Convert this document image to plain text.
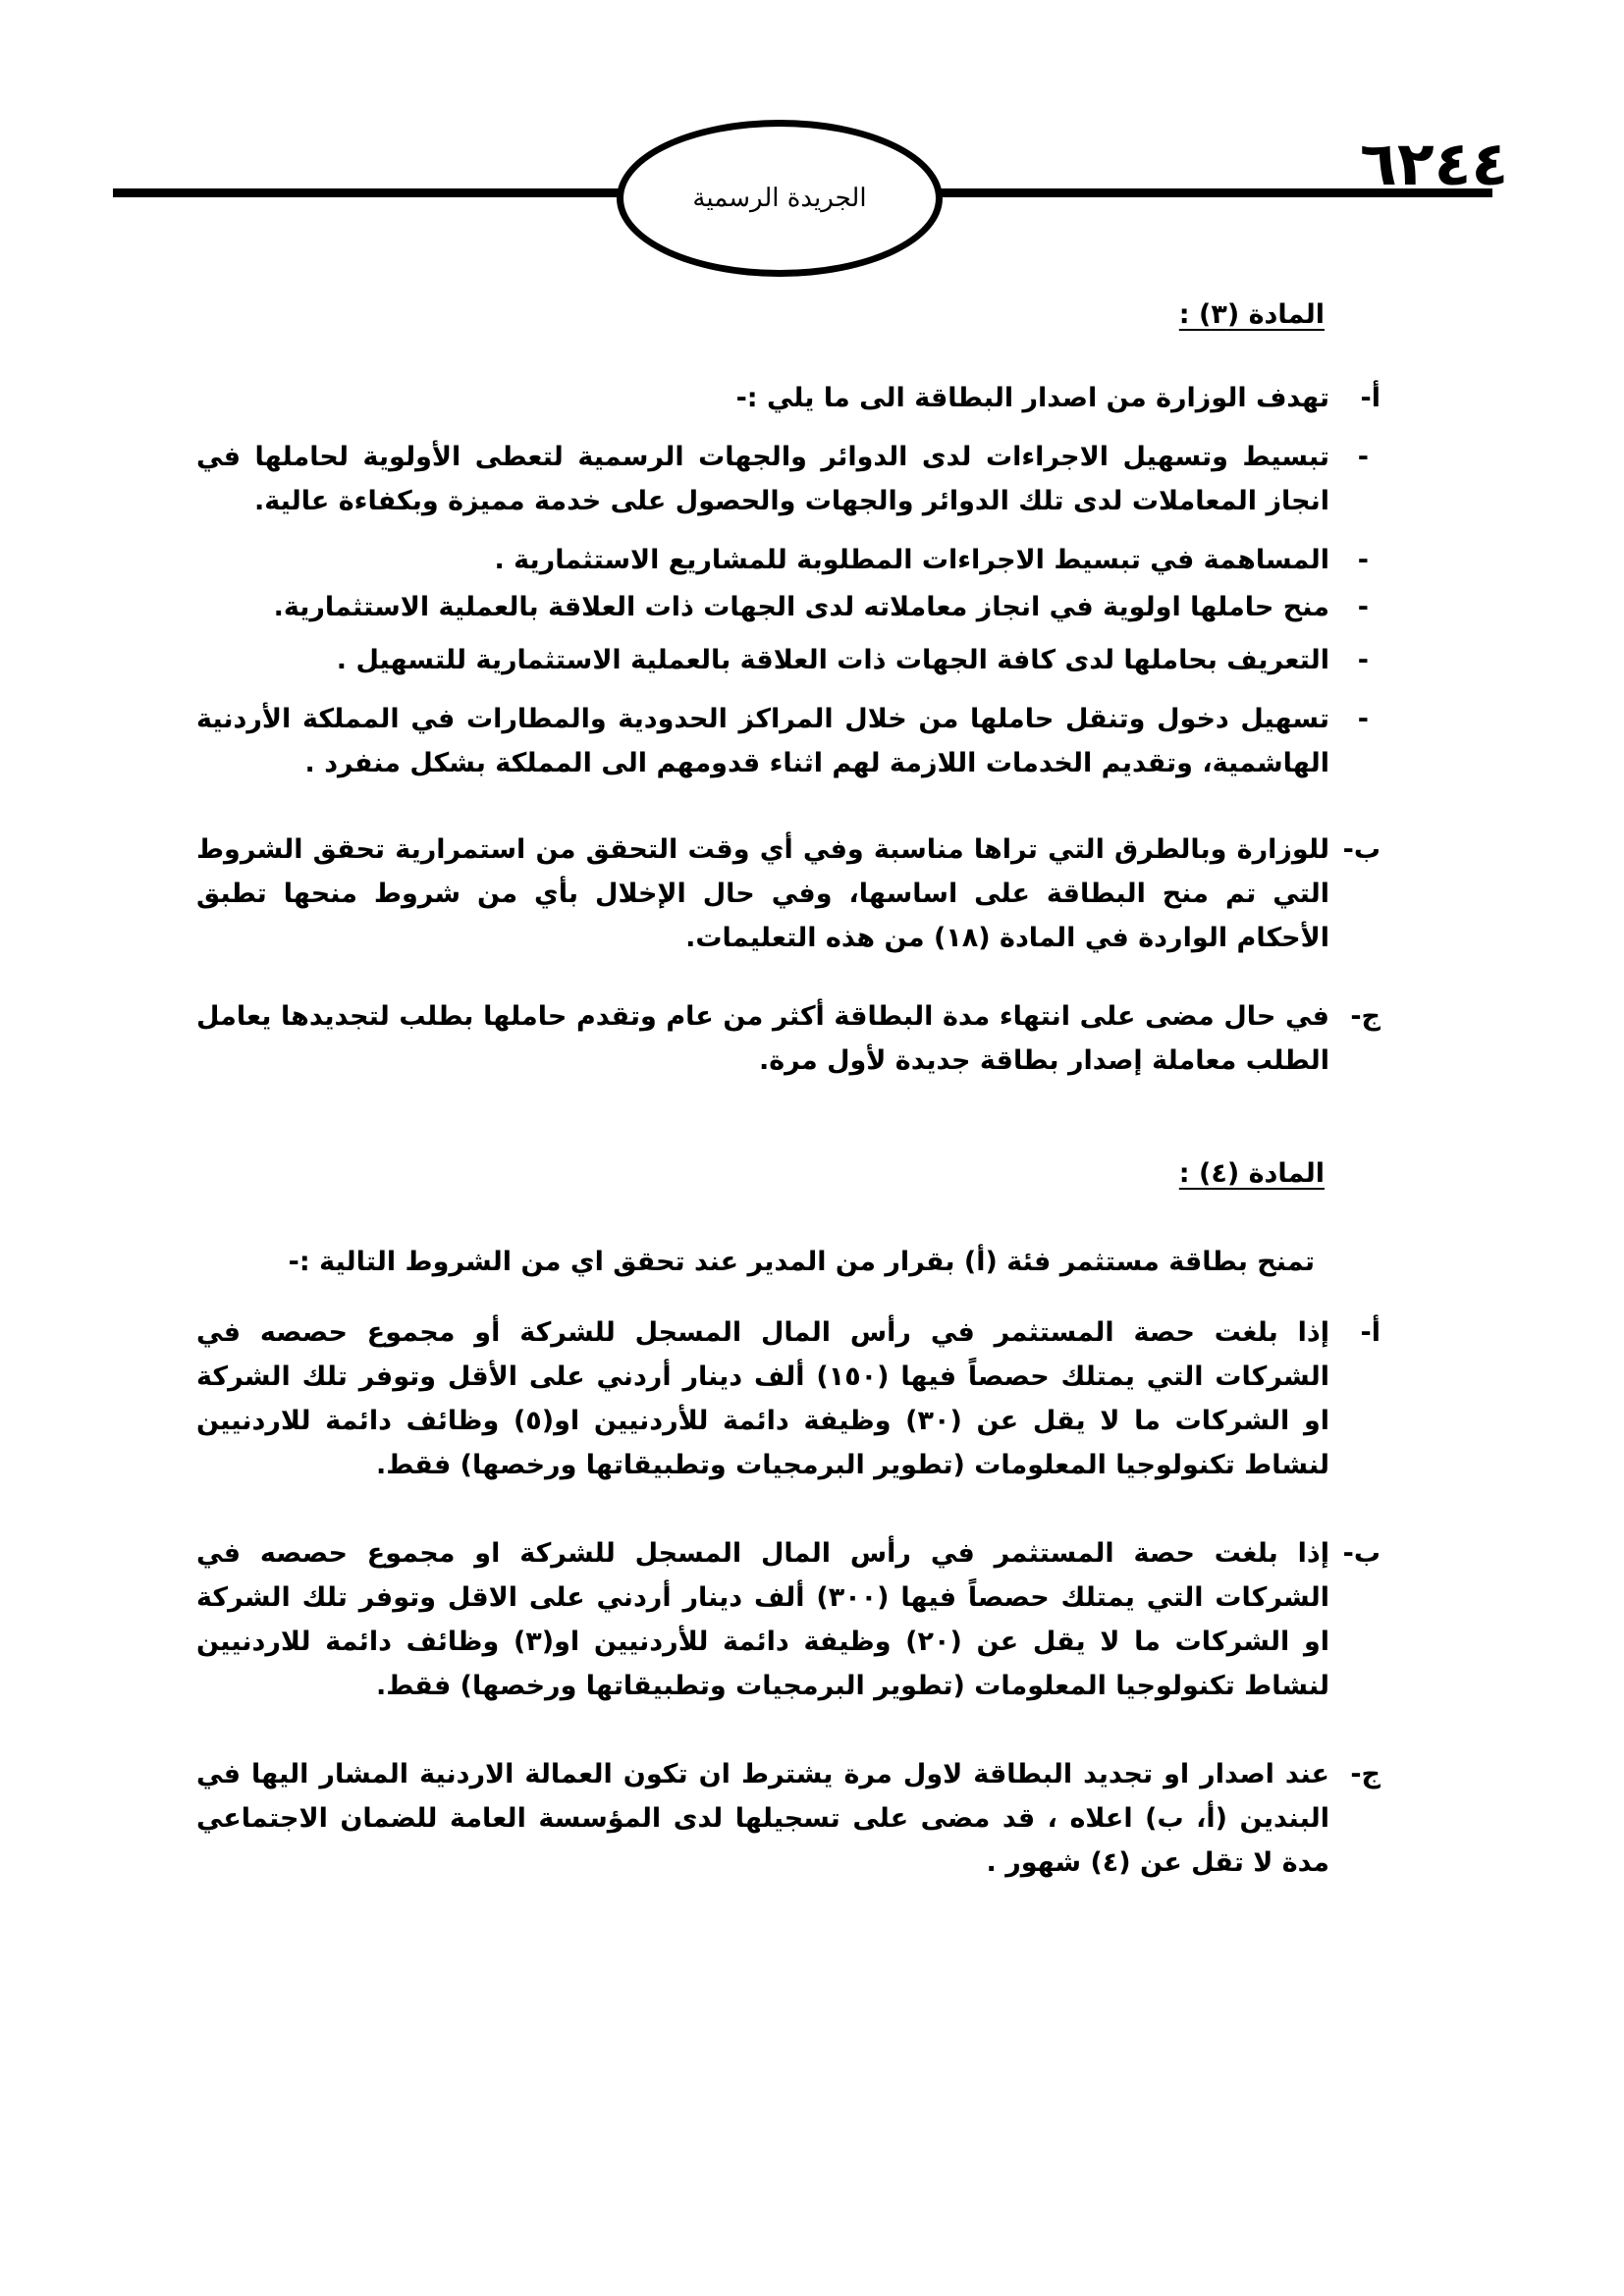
الجريدة الرسمية	٦٢٤٤
المادة (٣) :
أ-
تهدف الوزارة من اصدار البطاقة الى ما يلي :-
-
تبسيط وتسهيل الاجراءات لدى الدوائر والجهات الرسمية لتعطى الأولوية لحاملها في انجاز المعاملات لدى تلك الدوائر والجهات والحصول على خدمة مميزة وبكفاءة عالية.
-
المساهمة في تبسيط الاجراءات المطلوبة للمشاريع الاستثمارية .
-
منح حاملها اولوية في انجاز معاملاته لدى الجهات ذات العلاقة بالعملية الاستثمارية.
-
التعريف بحاملها لدى كافة الجهات ذات العلاقة بالعملية الاستثمارية للتسهيل .
-
تسهيل دخول وتنقل حاملها من خلال المراكز الحدودية والمطارات في المملكة الأردنية الهاشمية، وتقديم الخدمات اللازمة لهم اثناء قدومهم الى المملكة بشكل منفرد .
ب-
للوزارة وبالطرق التي تراها مناسبة وفي أي وقت التحقق من استمرارية تحقق الشروط التي تم منح البطاقة على اساسها، وفي حال الإخلال بأي من شروط منحها تطبق الأحكام الواردة في المادة (١٨) من هذه التعليمات.
ج-
في حال مضى على انتهاء مدة البطاقة أكثر من عام وتقدم حاملها بطلب لتجديدها يعامل الطلب معاملة إصدار بطاقة جديدة لأول مرة.
المادة (٤) :
تمنح بطاقة مستثمر فئة (أ) بقرار من المدير عند تحقق اي من الشروط التالية :-
أ-
إذا بلغت حصة المستثمر في رأس المال المسجل للشركة أو مجموع حصصه في الشركات التي يمتلك حصصاً فيها (١٥٠) ألف دينار أردني على الأقل وتوفر تلك الشركة او الشركات ما لا يقل عن (٣٠) وظيفة دائمة للأردنيين او(٥) وظائف دائمة للاردنيين لنشاط تكنولوجيا المعلومات (تطوير البرمجيات وتطبيقاتها ورخصها) فقط.
ب-
إذا بلغت حصة المستثمر في رأس المال المسجل للشركة او مجموع حصصه في الشركات التي يمتلك حصصاً فيها (٣٠٠) ألف دينار أردني على الاقل وتوفر تلك الشركة او الشركات ما لا يقل عن (٢٠) وظيفة دائمة للأردنيين او(٣) وظائف دائمة للاردنيين لنشاط تكنولوجيا المعلومات (تطوير البرمجيات وتطبيقاتها ورخصها) فقط.
ج-
عند اصدار او تجديد البطاقة لاول مرة يشترط ان تكون العمالة الاردنية المشار اليها في البندين (أ، ب) اعلاه ، قد مضى على تسجيلها لدى المؤسسة العامة للضمان الاجتماعي مدة لا تقل عن (٤) شهور .
